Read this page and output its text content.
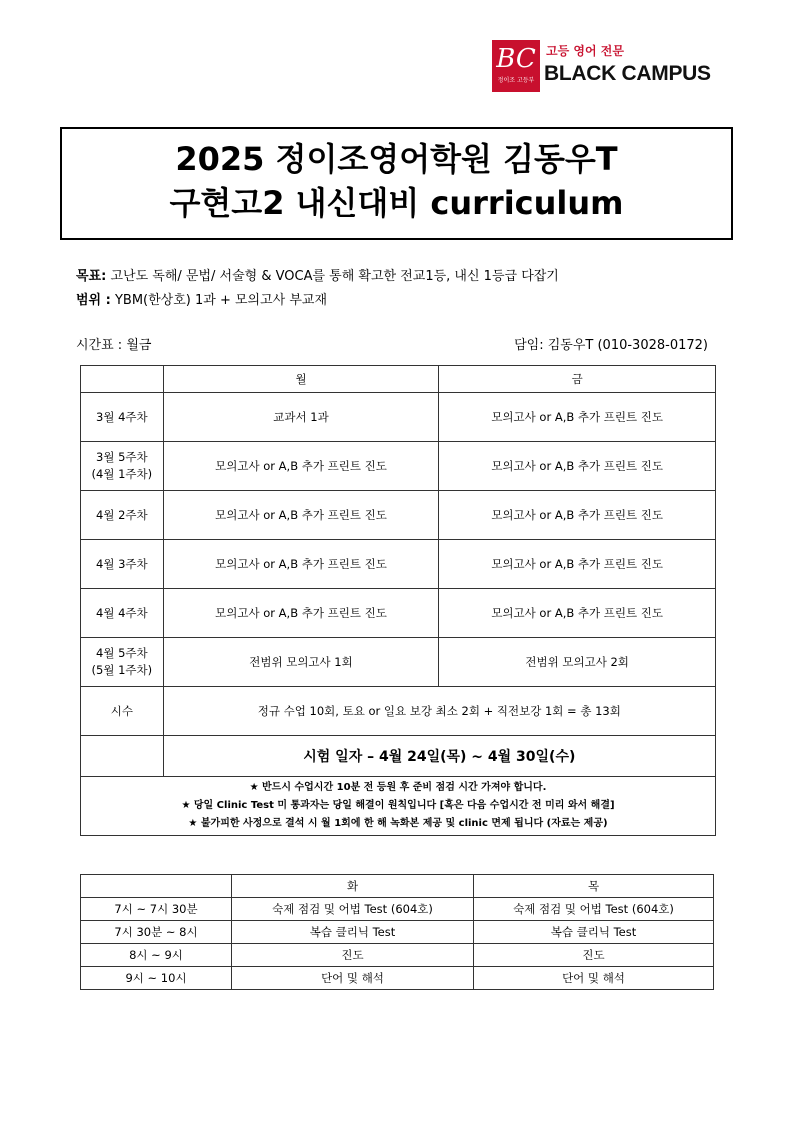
BC
정이조 고등부
고등 영어 전문
BLACK CAMPUS
2025 정이조영어학원 김동우T
구현고2 내신대비 curriculum
목표: 고난도 독해/ 문법/ 서술형 & VOCA를 통해 확고한 전교1등, 내신 1등급 다잡기
범위 : YBM(한상호) 1과 + 모의고사 부교재
시간표 : 월금	담임: 김동우T (010-3028-0172)
	월	금
3월 4주차	교과서 1과	모의고사 or A,B 추가 프린트 진도
3월 5주차
(4월 1주차)	모의고사 or A,B 추가 프린트 진도	모의고사 or A,B 추가 프린트 진도
4월 2주차	모의고사 or A,B 추가 프린트 진도	모의고사 or A,B 추가 프린트 진도
4월 3주차	모의고사 or A,B 추가 프린트 진도	모의고사 or A,B 추가 프린트 진도
4월 4주차	모의고사 or A,B 추가 프린트 진도	모의고사 or A,B 추가 프린트 진도
4월 5주차
(5월 1주차)	전범위 모의고사 1회	전범위 모의고사 2회
시수	정규 수업 10회, 토요 or 일요 보강 최소 2회 + 직전보강 1회 = 총 13회	
	시험 일자 – 4월 24일(목) ~ 4월 30일(수)	

★ 반드시 수업시간 10분 전 등원 후 준비 점검 시간 가져야 합니다.
★ 당일 Clinic Test 미 통과자는 당일 해결이 원칙입니다 [혹은 다음 수업시간 전 미리 와서 해결]
★ 불가피한 사정으로 결석 시 월 1회에 한 해 녹화본 제공 및 clinic 면제 됩니다 (자료는 제공)		
	화	목
7시 ~ 7시 30분	숙제 점검 및 어법 Test (604호)	숙제 점검 및 어법 Test (604호)
7시 30분 ~ 8시	복습 클리닉 Test	복습 클리닉 Test
8시 ~ 9시	진도	진도
9시 ~ 10시	단어 및 해석	단어 및 해석
